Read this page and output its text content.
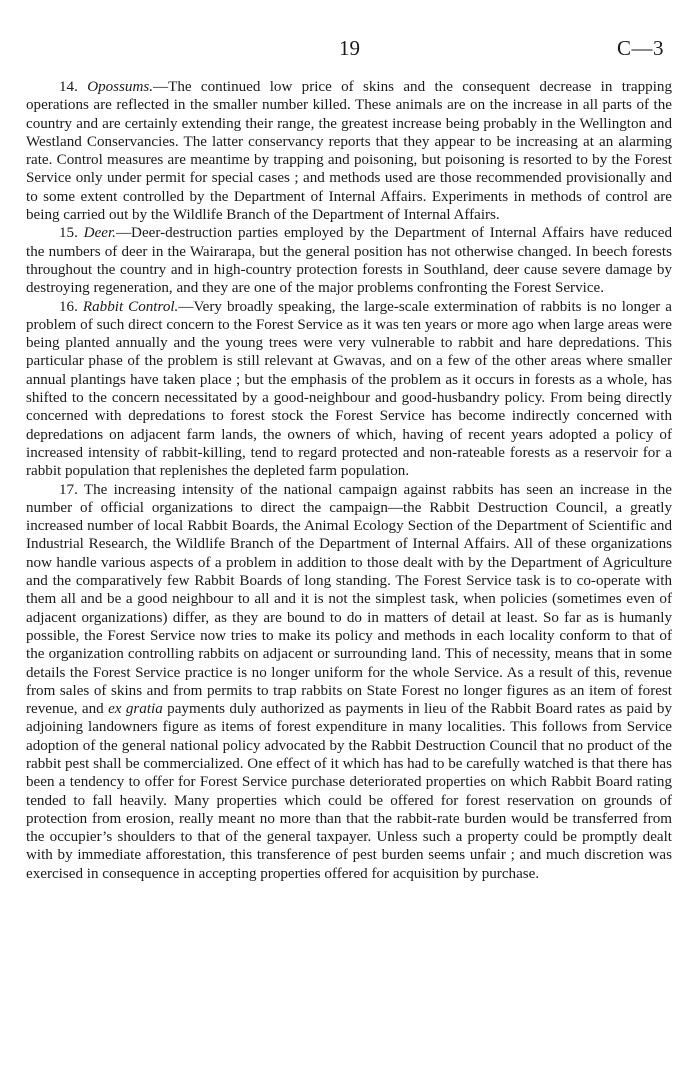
19	C—3

14. Opossums.—The continued low price of skins and the consequent decrease in trapping operations are reflected in the smaller number killed. These animals are on the increase in all parts of the country and are certainly extending their range, the greatest increase being probably in the Wellington and Westland Conservancies. The latter conservancy reports that they appear to be increasing at an alarming rate. Control measures are meantime by trapping and poisoning, but poisoning is resorted to by the Forest Service only under permit for special cases ; and methods used are those recommended provisionally and to some extent controlled by the Department of Internal Affairs. Experiments in methods of control are being carried out by the Wildlife Branch of the Department of Internal Affairs.

15. Deer.—Deer-destruction parties employed by the Department of Internal Affairs have reduced the numbers of deer in the Wairarapa, but the general position has not otherwise changed. In beech forests throughout the country and in high-country protection forests in Southland, deer cause severe damage by destroying regeneration, and they are one of the major problems confronting the Forest Service.

16. Rabbit Control.—Very broadly speaking, the large-scale extermination of rabbits is no longer a problem of such direct concern to the Forest Service as it was ten years or more ago when large areas were being planted annually and the young trees were very vulnerable to rabbit and hare depredations. This particular phase of the problem is still relevant at Gwavas, and on a few of the other areas where smaller annual plantings have taken place ; but the emphasis of the problem as it occurs in forests as a whole, has shifted to the concern necessitated by a good-neighbour and good-husbandry policy. From being directly concerned with depredations to forest stock the Forest Service has become indirectly concerned with depredations on adjacent farm lands, the owners of which, having of recent years adopted a policy of increased intensity of rabbit-killing, tend to regard protected and non-rateable forests as a reservoir for a rabbit population that replenishes the depleted farm population.

17. The increasing intensity of the national campaign against rabbits has seen an increase in the number of official organizations to direct the campaign—the Rabbit Destruction Council, a greatly increased number of local Rabbit Boards, the Animal Ecology Section of the Department of Scientific and Industrial Research, the Wildlife Branch of the Department of Internal Affairs. All of these organizations now handle various aspects of a problem in addition to those dealt with by the Department of Agriculture and the comparatively few Rabbit Boards of long standing. The Forest Service task is to co-operate with them all and be a good neighbour to all and it is not the simplest task, when policies (sometimes even of adjacent organizations) differ, as they are bound to do in matters of detail at least. So far as is humanly possible, the Forest Service now tries to make its policy and methods in each locality conform to that of the organization controlling rabbits on adjacent or surrounding land. This of necessity, means that in some details the Forest Service practice is no longer uniform for the whole Service. As a result of this, revenue from sales of skins and from permits to trap rabbits on State Forest no longer figures as an item of forest revenue, and ex gratia payments duly authorized as payments in lieu of the Rabbit Board rates as paid by adjoining landowners figure as items of forest expenditure in many localities. This follows from Service adoption of the general national policy advocated by the Rabbit Destruction Council that no product of the rabbit pest shall be commercialized. One effect of it which has had to be carefully watched is that there has been a tendency to offer for Forest Service purchase deteriorated properties on which Rabbit Board rating tended to fall heavily. Many properties which could be offered for forest reservation on grounds of protection from erosion, really meant no more than that the rabbit-rate burden would be transferred from the occupier’s shoulders to that of the general taxpayer. Unless such a property could be promptly dealt with by immediate afforestation, this transference of pest burden seems unfair ; and much discretion was exercised in consequence in accepting properties offered for acquisition by purchase.
